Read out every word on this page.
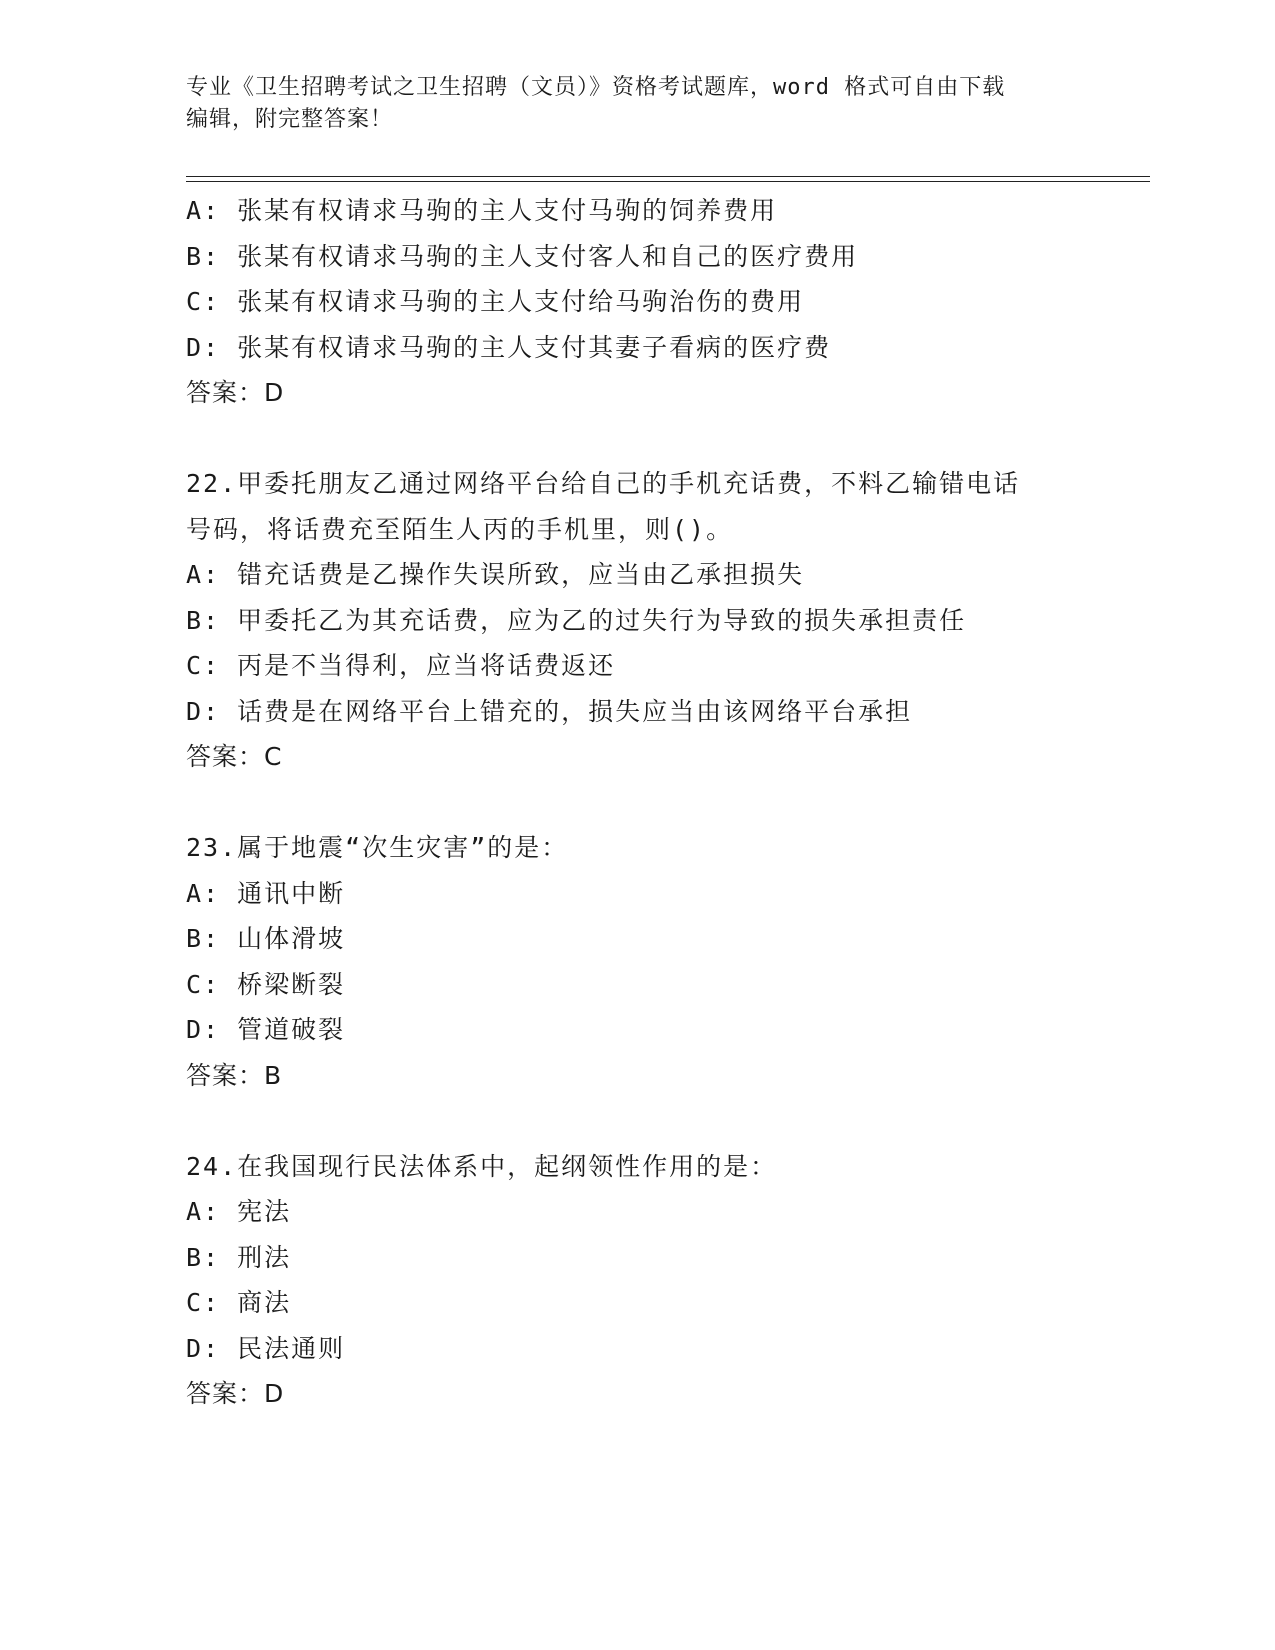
专业《卫生招聘考试之卫生招聘（文员）》资格考试题库，word 格式可自由下载
编辑，附完整答案！
A: 张某有权请求马驹的主人支付马驹的饲养费用
B: 张某有权请求马驹的主人支付客人和自己的医疗费用
C: 张某有权请求马驹的主人支付给马驹治伤的费用
D: 张某有权请求马驹的主人支付其妻子看病的医疗费
答案：D
22.甲委托朋友乙通过网络平台给自己的手机充话费，不料乙输错电话
号码，将话费充至陌生人丙的手机里，则()。
A: 错充话费是乙操作失误所致，应当由乙承担损失
B: 甲委托乙为其充话费，应为乙的过失行为导致的损失承担责任
C: 丙是不当得利，应当将话费返还
D: 话费是在网络平台上错充的，损失应当由该网络平台承担
答案：C
23.属于地震“次生灾害”的是：
A: 通讯中断
B: 山体滑坡
C: 桥梁断裂
D: 管道破裂
答案：B
24.在我国现行民法体系中，起纲领性作用的是：
A: 宪法
B: 刑法
C: 商法
D: 民法通则
答案：D
